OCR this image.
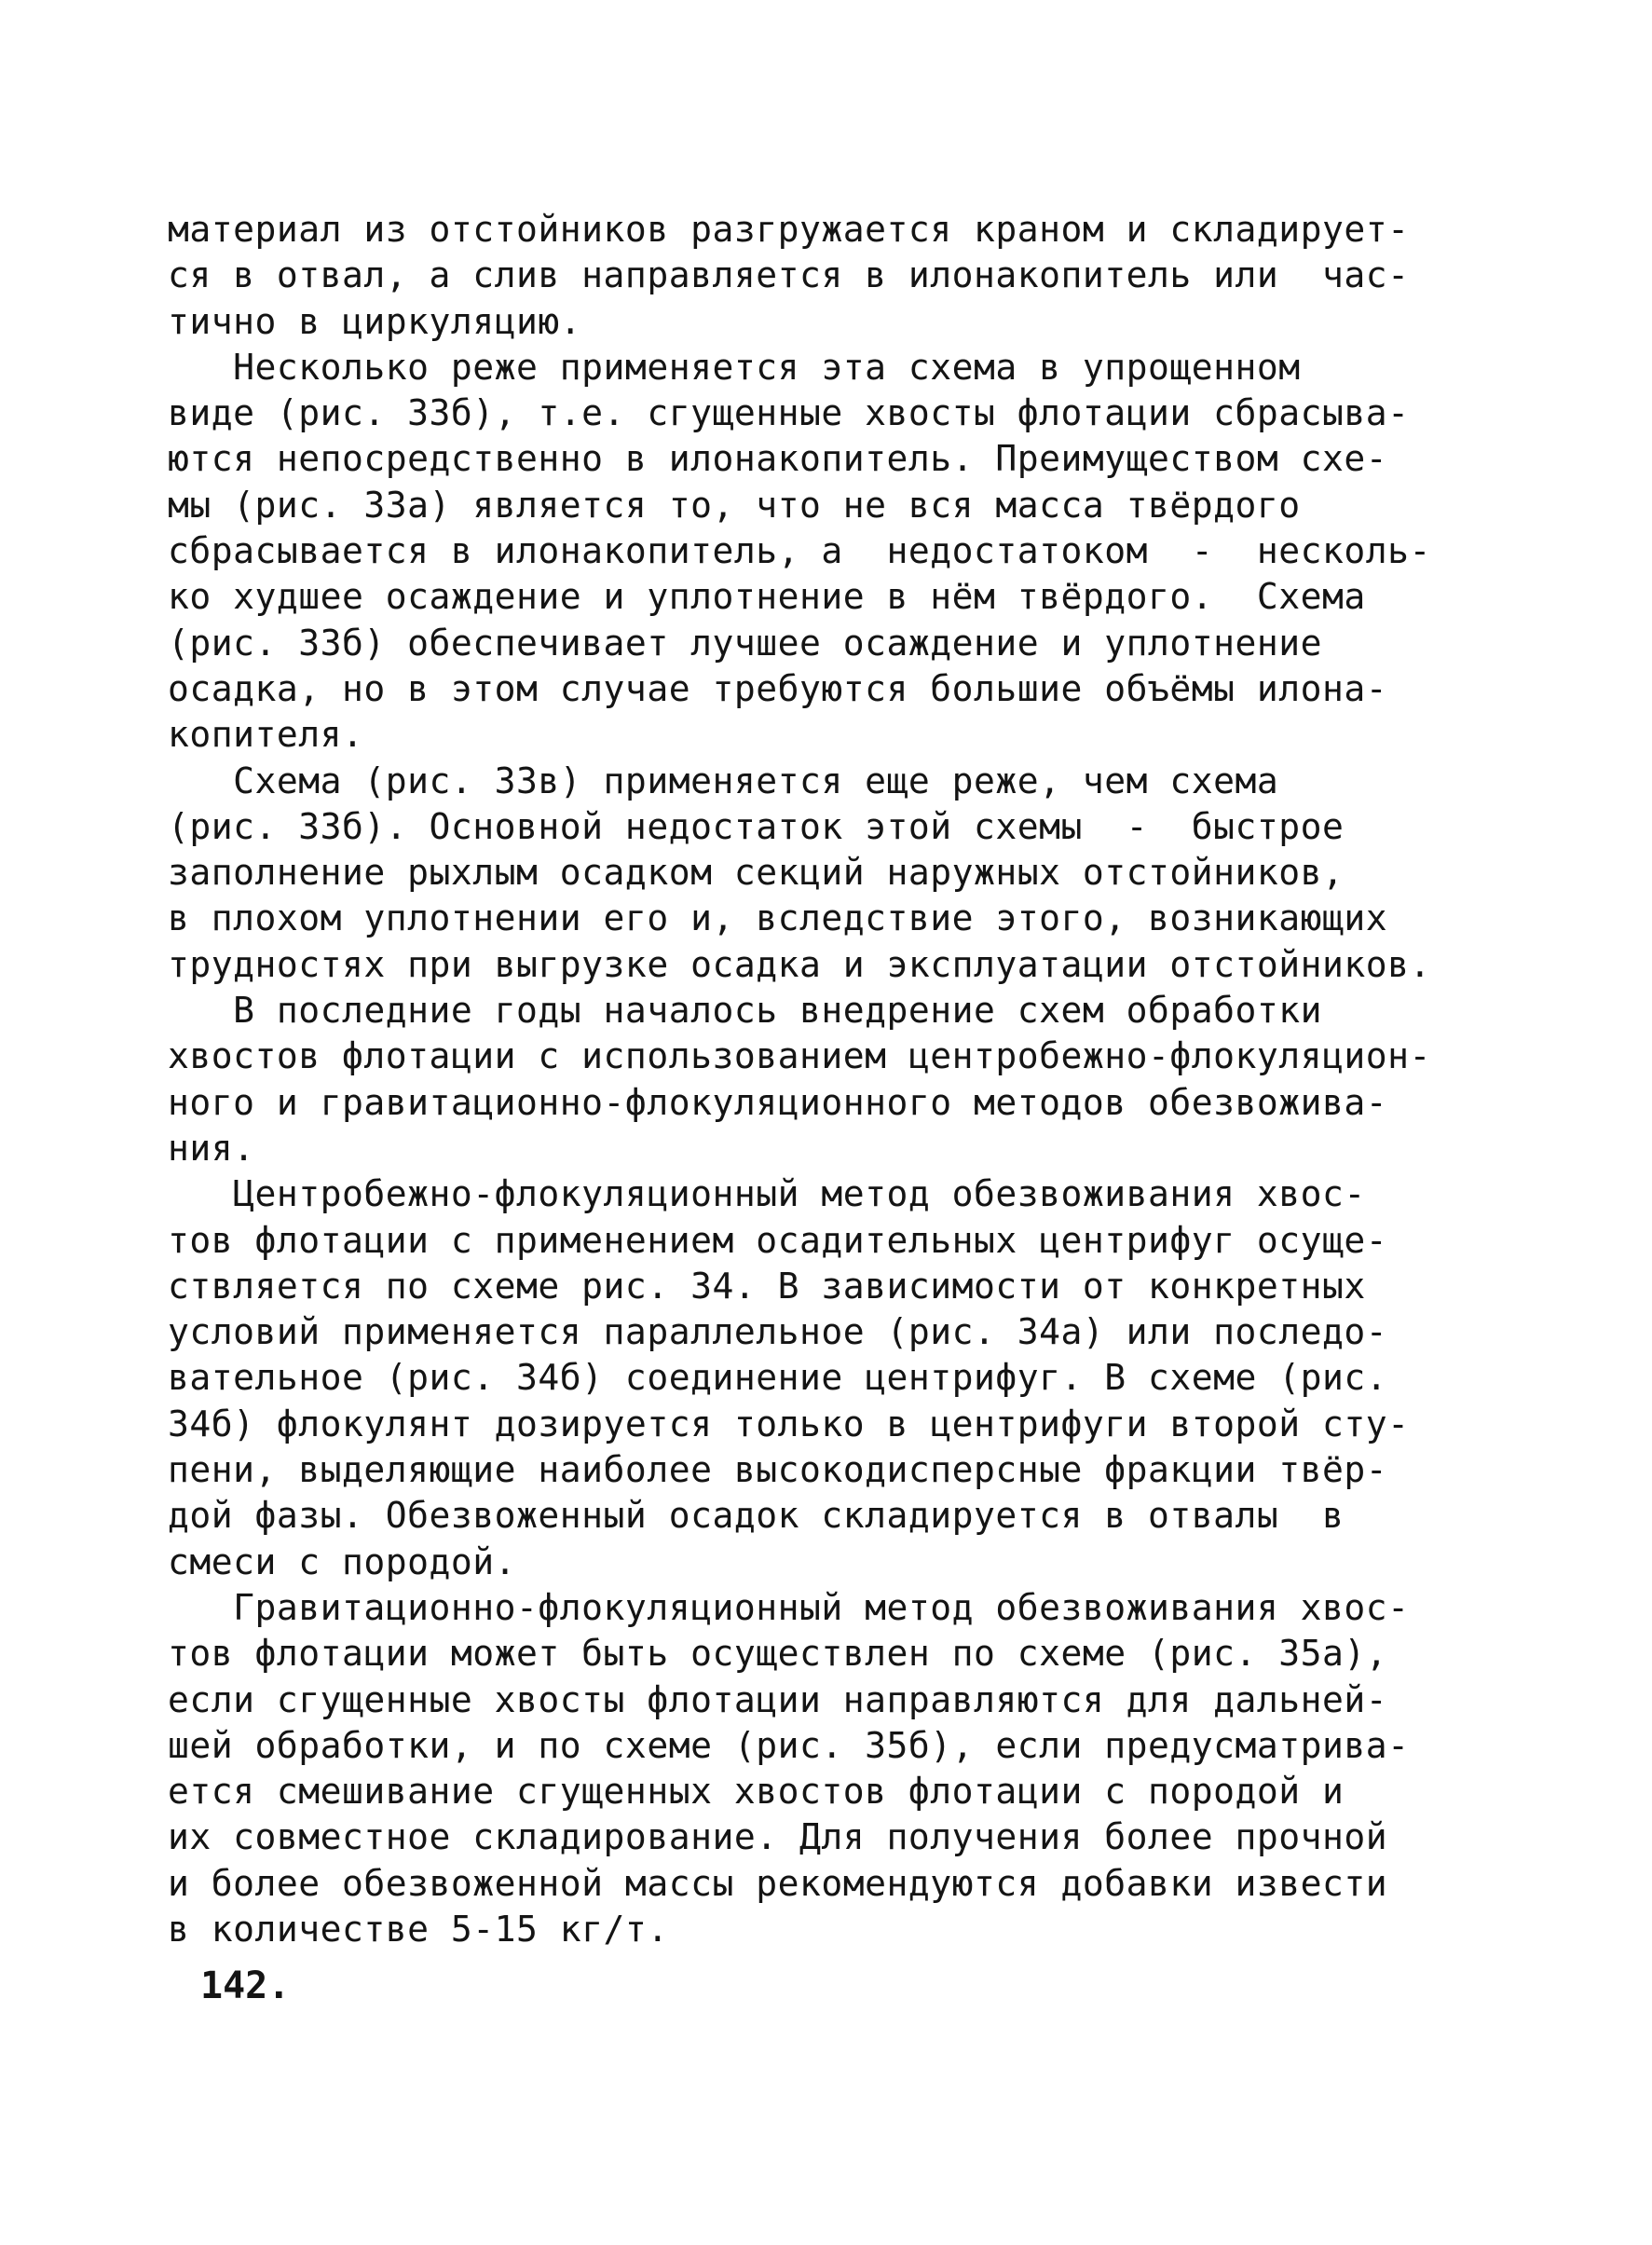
материал из отстойников разгружается краном и складирует-
ся в отвал, а слив направляется в илонакопитель или  час-
тично в циркуляцию.
Несколько реже применяется эта схема в упрощенном
виде (рис. 33б), т.е. сгущенные хвосты флотации сбрасыва-
ются непосредственно в илонакопитель. Преимуществом схе-
мы (рис. 33а) является то, что не вся масса твёрдого
сбрасывается в илонакопитель, а  недостатоком  -  несколь-
ко худшее осаждение и уплотнение в нём твёрдого.  Схема
(рис. 33б) обеспечивает лучшее осаждение и уплотнение
осадка, но в этом случае требуются большие объёмы илона-
копителя.
Схема (рис. 33в) применяется еще реже, чем схема
(рис. 33б). Основной недостаток этой схемы  -  быстрое
заполнение рыхлым осадком секций наружных отстойников,
в плохом уплотнении его и, вследствие этого, возникающих
трудностях при выгрузке осадка и эксплуатации отстойников.
В последние годы началось внедрение схем обработки
хвостов флотации с использованием центробежно-флокуляцион-
ного и гравитационно-флокуляционного методов обезвожива-
ния.
Центробежно-флокуляционный метод обезвоживания хвос-
тов флотации с применением осадительных центрифуг осуще-
ствляется по схеме рис. 34. В зависимости от конкретных
условий применяется параллельное (рис. 34а) или последо-
вательное (рис. 34б) соединение центрифуг. В схеме (рис.
34б) флокулянт дозируется только в центрифуги второй сту-
пени, выделяющие наиболее высокодисперсные фракции твёр-
дой фазы. Обезвоженный осадок складируется в отвалы  в
смеси с породой.
Гравитационно-флокуляционный метод обезвоживания хвос-
тов флотации может быть осуществлен по схеме (рис. 35а),
если сгущенные хвосты флотации направляются для дальней-
шей обработки, и по схеме (рис. 35б), если предусматрива-
ется смешивание сгущенных хвостов флотации с породой и
их совместное складирование. Для получения более прочной
и более обезвоженной массы рекомендуются добавки извести
в количестве 5-15 кг/т.
142.
